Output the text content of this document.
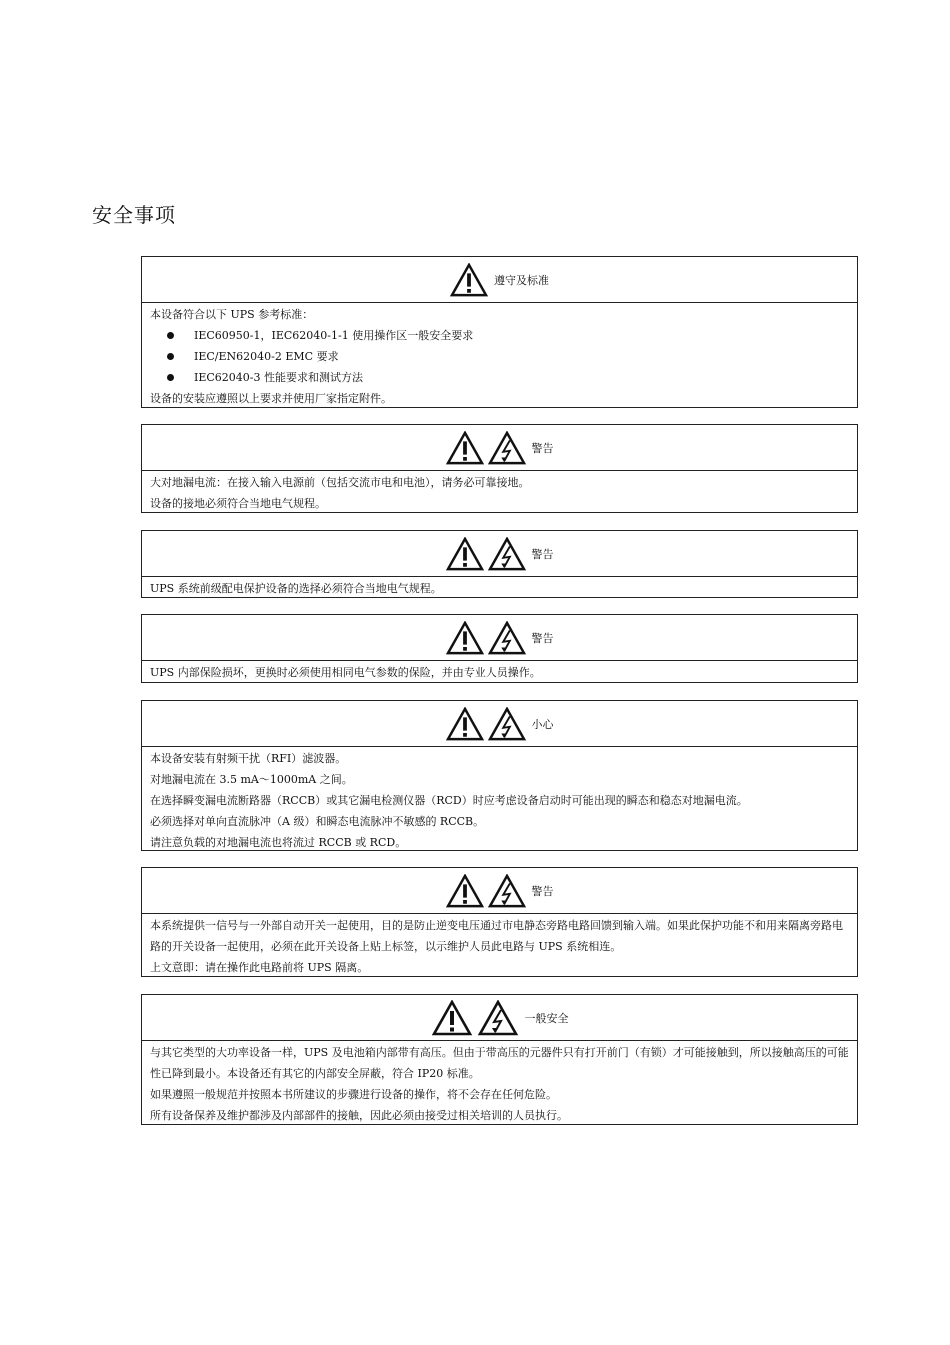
安全事项
遵守及标准

本设备符合以下 UPS 参考标准：

IEC60950-1，IEC62040-1-1 使用操作区一般安全要求
IEC/EN62040-2 EMC 要求
IEC62040-3 性能要求和测试方法

设备的安装应遵照以上要求并使用厂家指定附件。

警告

大对地漏电流：在接入输入电源前（包括交流市电和电池），请务必可靠接地。

设备的接地必须符合当地电气规程。

警告

UPS 系统前级配电保护设备的选择必须符合当地电气规程。

警告

UPS 内部保险损坏，更换时必须使用相同电气参数的保险，并由专业人员操作。

小心

本设备安装有射频干扰（RFI）滤波器。

对地漏电流在 3.5 mA～1000mA 之间。

在选择瞬变漏电流断路器（RCCB）或其它漏电检测仪器（RCD）时应考虑设备启动时可能出现的瞬态和稳态对地漏电流。

必须选择对单向直流脉冲（A 级）和瞬态电流脉冲不敏感的 RCCB。

请注意负载的对地漏电流也将流过 RCCB 或 RCD。

警告

本系统提供一信号与一外部自动开关一起使用，目的是防止逆变电压通过市电静态旁路电路回馈到输入端。如果此保护功能不和用来隔离旁路电路的开关设备一起使用，必须在此开关设备上贴上标签，以示维护人员此电路与 UPS 系统相连。

上文意即：请在操作此电路前将 UPS 隔离。

一般安全

与其它类型的大功率设备一样，UPS 及电池箱内部带有高压。但由于带高压的元器件只有打开前门（有锁）才可能接触到，所以接触高压的可能性已降到最小。本设备还有其它的内部安全屏蔽，符合 IP20 标准。

如果遵照一般规范并按照本书所建议的步骤进行设备的操作，将不会存在任何危险。

所有设备保养及维护都涉及内部部件的接触，因此必须由接受过相关培训的人员执行。
